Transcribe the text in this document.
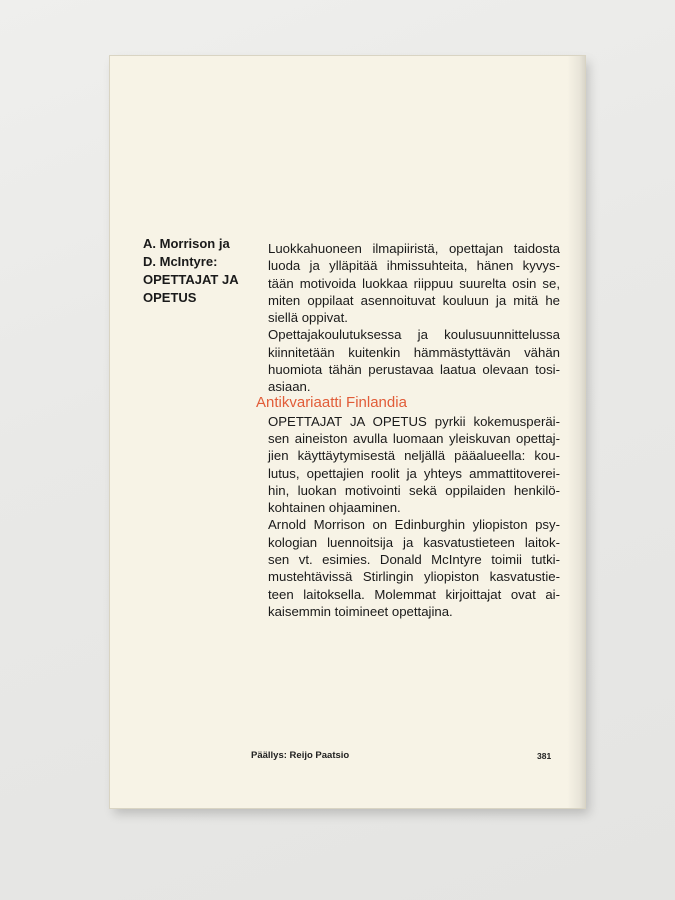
A. Morrison ja
D. McIntyre:
OPETTAJAT JA
OPETUS
Luokkahuoneen ilmapiiristä, opettajan taidosta
luoda ja ylläpitää ihmissuhteita, hänen kyvys-
tään motivoida luokkaa riippuu suurelta osin se,
miten oppilaat asennoituvat kouluun ja mitä he
siellä oppivat.
Opettajakoulutuksessa ja koulusuunnittelussa
kiinnitetään kuitenkin hämmästyttävän vähän
huomiota tähän perustavaa laatua olevaan tosi-
asiaan.
OPETTAJAT JA OPETUS pyrkii kokemusperäi-
sen aineiston avulla luomaan yleiskuvan opettaj-
jien käyttäytymisestä neljällä pääalueella: kou-
lutus, opettajien roolit ja yhteys ammattitoverei-
hin, luokan motivointi sekä oppilaiden henkilö-
kohtainen ohjaaminen.
Arnold Morrison on Edinburghin yliopiston psy-
kologian luennoitsija ja kasvatustieteen laitok-
sen vt. esimies. Donald McIntyre toimii tutki-
mustehtävissä Stirlingin yliopiston kasvatustie-
teen laitoksella. Molemmat kirjoittajat ovat ai-
kaisemmin toimineet opettajina.
Antikvariaatti Finlandia
Päällys: Reijo Paatsio	381
